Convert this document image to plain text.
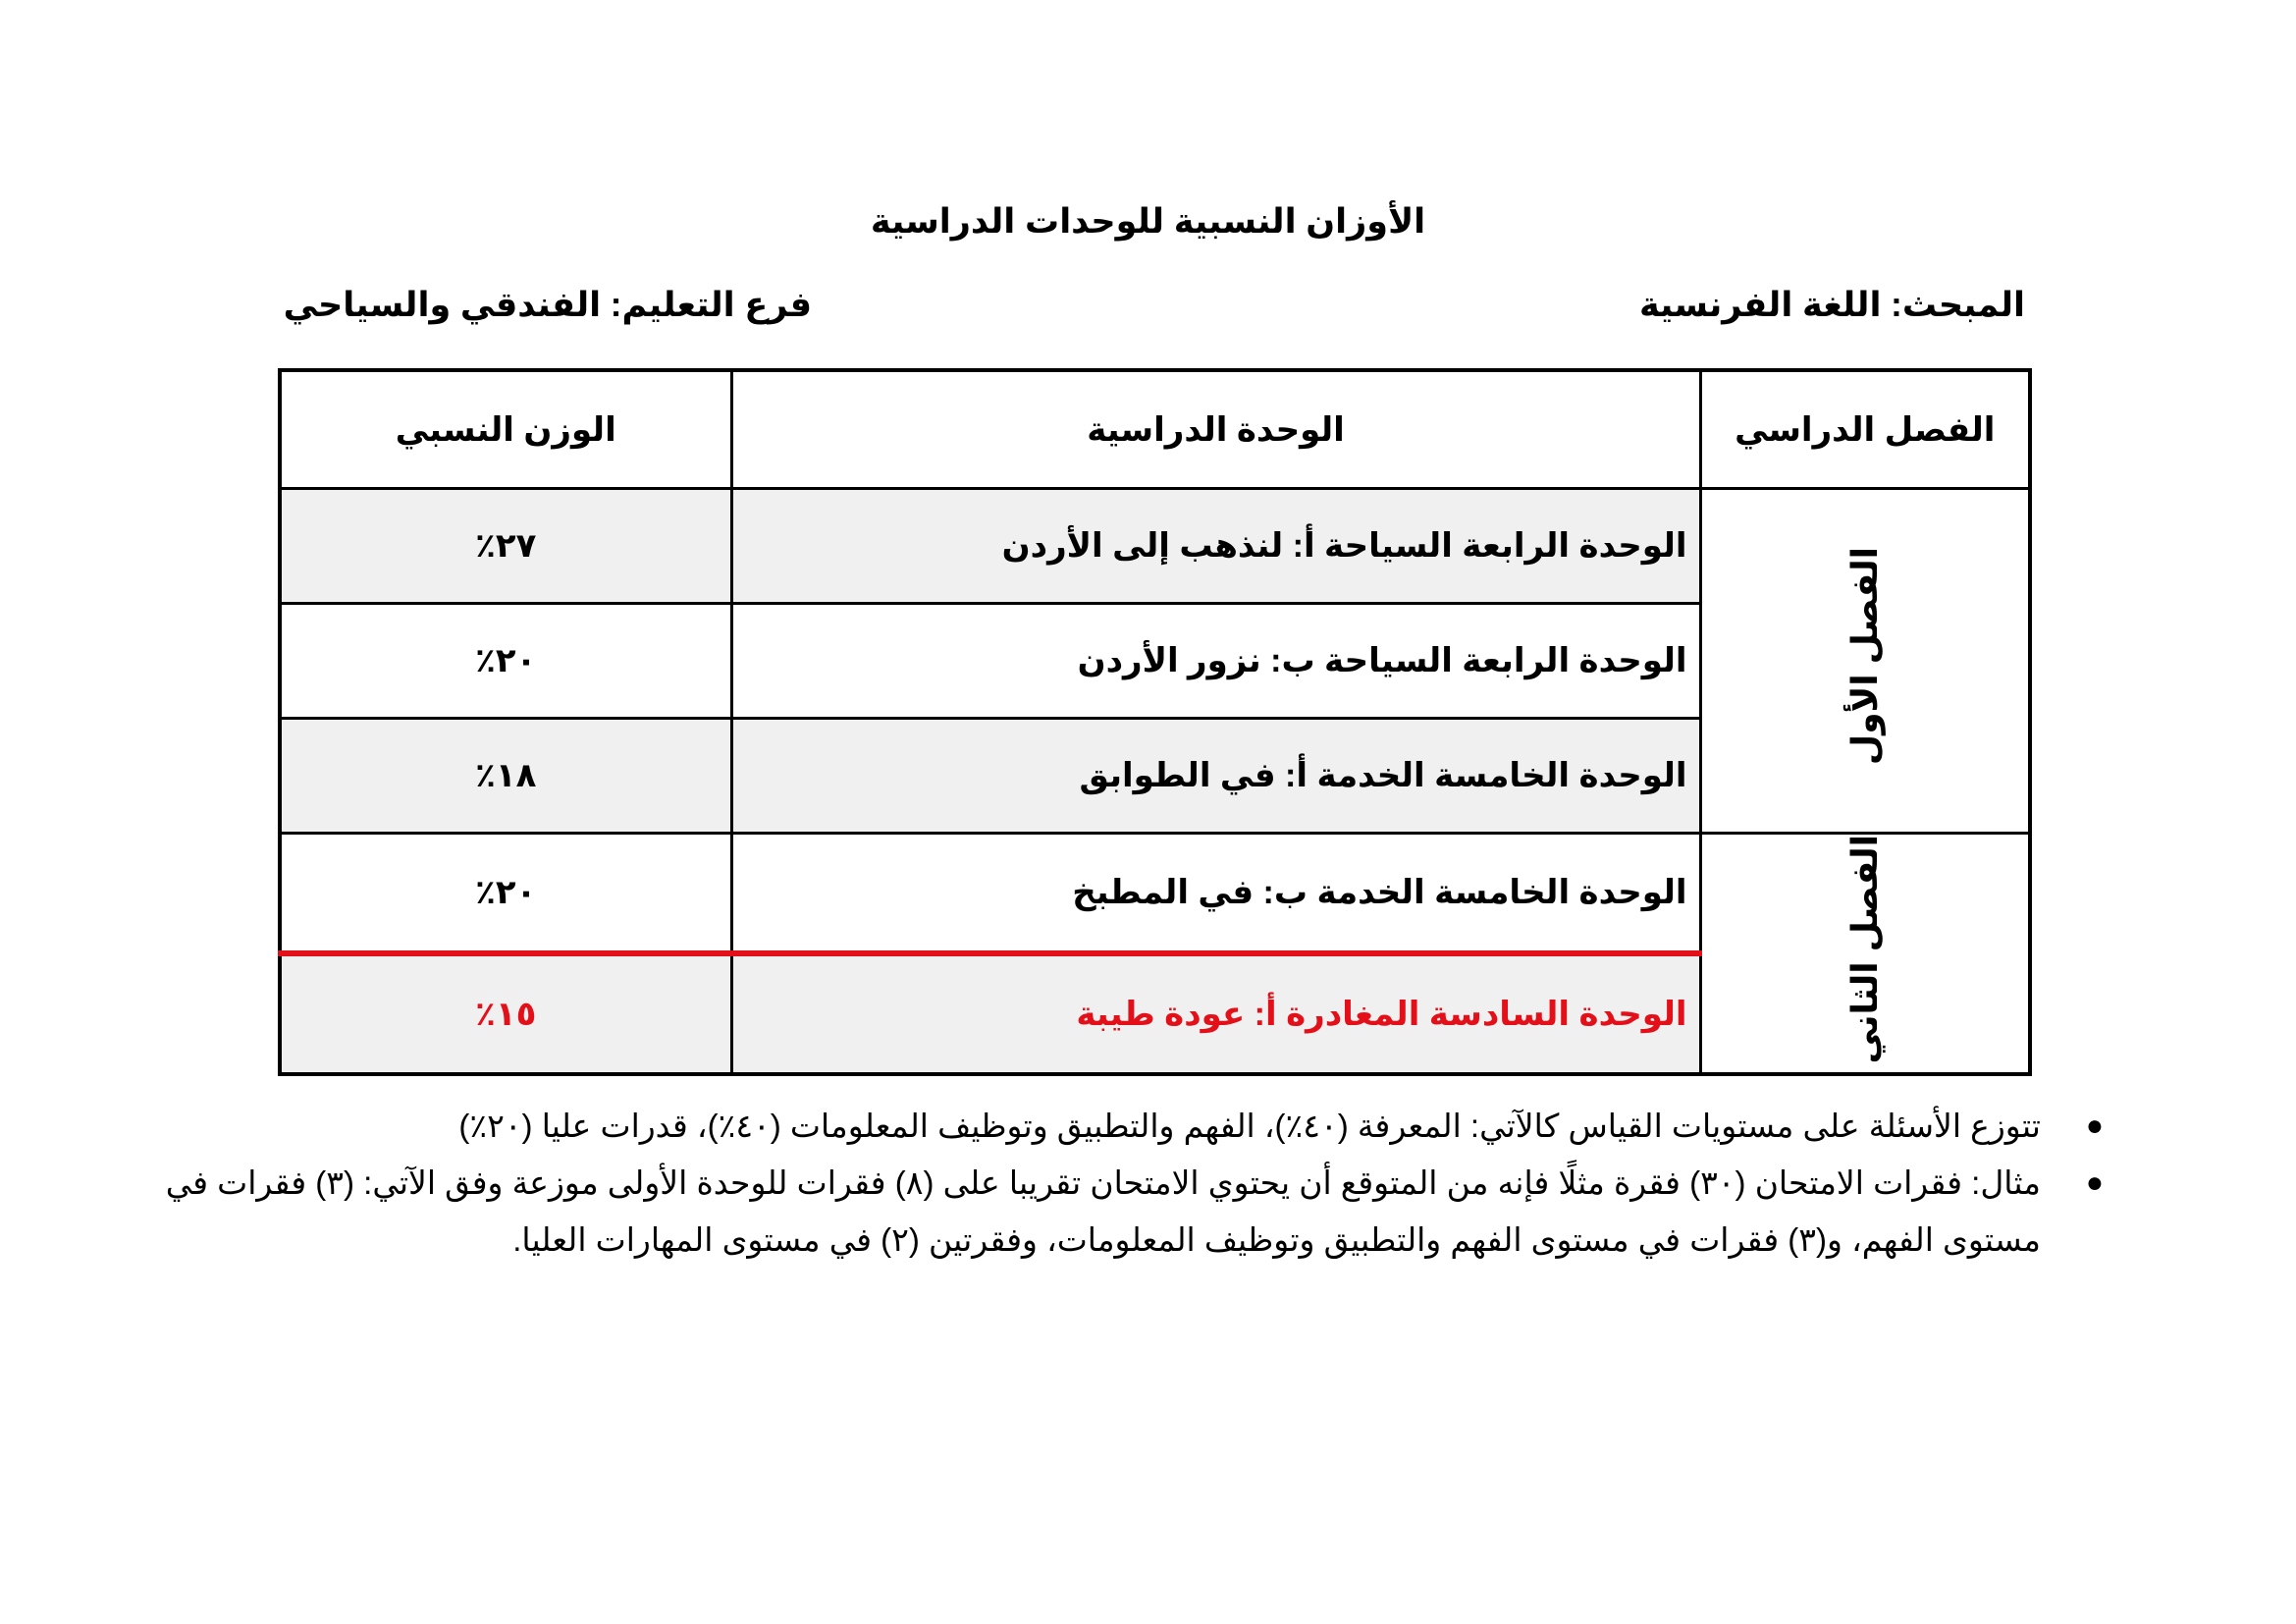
الأوزان النسبية للوحدات الدراسية
المبحث: اللغة الفرنسية
فرع التعليم: الفندقي والسياحي
الفصل الدراسي	الوحدة الدراسية	الوزن النسبي
الفصل الأول	الوحدة الرابعة السياحة أ: لنذهب إلى الأردن	٢٧٪
	الوحدة الرابعة السياحة ب: نزور الأردن	٢٠٪
	الوحدة الخامسة الخدمة أ: في الطوابق	١٨٪
الفصل الثاني	الوحدة الخامسة الخدمة ب: في المطبخ	٢٠٪
	الوحدة السادسة المغادرة أ: عودة طيبة	١٥٪
●
تتوزع الأسئلة على مستويات القياس كالآتي: المعرفة (٤٠٪)، الفهم والتطبيق وتوظيف المعلومات (٤٠٪)، قدرات عليا (٢٠٪)
●
مثال: فقرات الامتحان (٣٠) فقرة مثلًا فإنه من المتوقع أن يحتوي الامتحان تقريبا على (٨) فقرات للوحدة الأولى موزعة وفق الآتي: (٣) فقرات في مستوى الفهم، و(٣) فقرات في مستوى الفهم والتطبيق وتوظيف المعلومات، وفقرتين (٢) في مستوى المهارات العليا.
